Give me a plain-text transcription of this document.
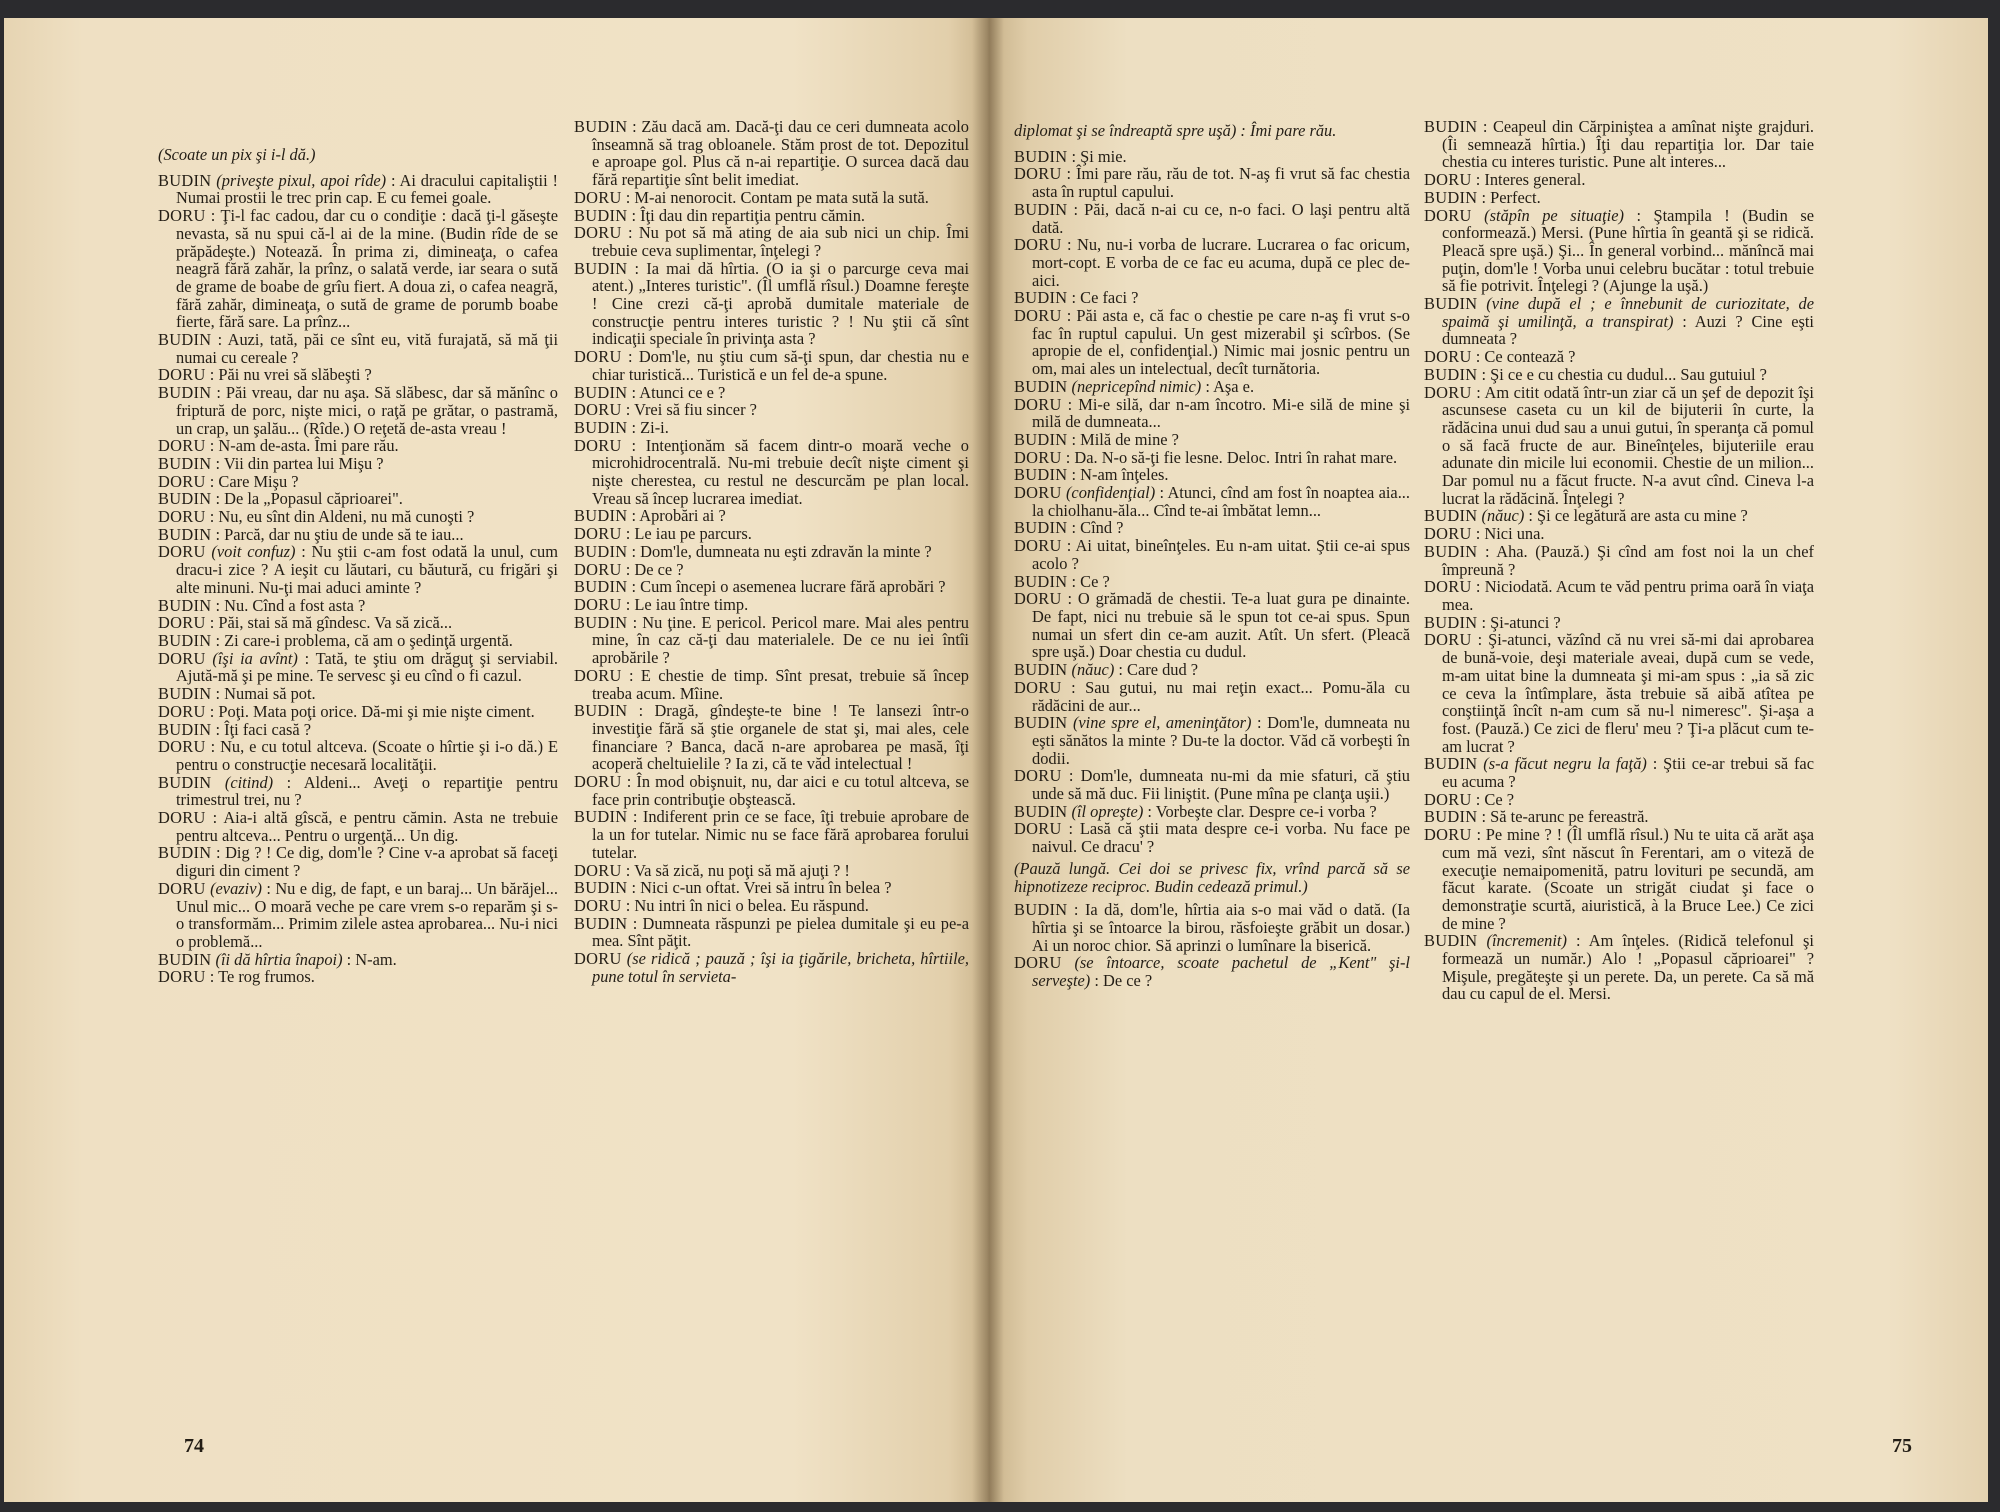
(Scoate un pix şi i-l dă.)

BUDIN (priveşte pixul, apoi rîde) : Ai dracului capitaliştii ! Numai prostii le trec prin cap. E cu femei goale.

DORU : Ţi-l fac cadou, dar cu o condiţie : dacă ţi-l găseşte nevasta, să nu spui că-l ai de la mine. (Budin rîde de se prăpădeşte.) Notează. În prima zi, dimineaţa, o cafea neagră fără zahăr, la prînz, o salată verde, iar seara o sută de grame de boabe de grîu fiert. A doua zi, o cafea neagră, fără zahăr, dimineaţa, o sută de grame de porumb boabe fierte, fără sare. La prînz...

BUDIN : Auzi, tată, păi ce sînt eu, vită furajată, să mă ţii numai cu cereale ?

DORU : Păi nu vrei să slăbeşti ?

BUDIN : Păi vreau, dar nu aşa. Să slăbesc, dar să mănînc o friptură de porc, nişte mici, o raţă pe grătar, o pastramă, un crap, un şalău... (Rîde.) O reţetă de-asta vreau !

DORU : N-am de-asta. Îmi pare rău.

BUDIN : Vii din partea lui Mişu ?

DORU : Care Mişu ?

BUDIN : De la „Popasul căprioarei".

DORU : Nu, eu sînt din Aldeni, nu mă cunoşti ?

BUDIN : Parcă, dar nu ştiu de unde să te iau...

DORU (voit confuz) : Nu ştii c-am fost odată la unul, cum dracu-i zice ? A ieşit cu lăutari, cu băutură, cu frigări şi alte minuni. Nu-ţi mai aduci aminte ?

BUDIN : Nu. Cînd a fost asta ?

DORU : Păi, stai să mă gîndesc. Va să zică...

BUDIN : Zi care-i problema, că am o şedinţă urgentă.

DORU (îşi ia avînt) : Tată, te ştiu om drăguţ şi serviabil. Ajută-mă şi pe mine. Te servesc şi eu cînd o fi cazul.

BUDIN : Numai să pot.

DORU : Poţi. Mata poţi orice. Dă-mi şi mie nişte ciment.

BUDIN : Îţi faci casă ?

DORU : Nu, e cu totul altceva. (Scoate o hîrtie şi i-o dă.) E pentru o construcţie necesară localităţii.

BUDIN (citind) : Aldeni... Aveţi o repartiţie pentru trimestrul trei, nu ?

DORU : Aia-i altă gîscă, e pentru cămin. Asta ne trebuie pentru altceva... Pentru o urgenţă... Un dig.

BUDIN : Dig ? ! Ce dig, dom'le ? Cine v-a aprobat să faceţi diguri din ciment ?

DORU (evaziv) : Nu e dig, de fapt, e un baraj... Un bărăjel... Unul mic... O moară veche pe care vrem s-o reparăm şi s-o transformăm... Primim zilele astea aprobarea... Nu-i nici o problemă...

BUDIN (îi dă hîrtia înapoi) : N-am.

DORU : Te rog frumos.

BUDIN : Zău dacă am. Dacă-ţi dau ce ceri dumneata acolo înseamnă să trag obloanele. Stăm prost de tot. Depozitul e aproape gol. Plus că n-ai repartiţie. O surcea dacă dau fără repartiţie sînt belit imediat.

DORU : M-ai nenorocit. Contam pe mata sută la sută.

BUDIN : Îţi dau din repartiţia pentru cămin.

DORU : Nu pot să mă ating de aia sub nici un chip. Îmi trebuie ceva suplimentar, înţelegi ?

BUDIN : Ia mai dă hîrtia. (O ia şi o parcurge ceva mai atent.) „Interes turistic". (Îl umflă rîsul.) Doamne fereşte ! Cine crezi că-ţi aprobă dumitale materiale de construcţie pentru interes turistic ? ! Nu ştii că sînt indicaţii speciale în privinţa asta ?

DORU : Dom'le, nu ştiu cum să-ţi spun, dar chestia nu e chiar turistică... Turistică e un fel de-a spune.

BUDIN : Atunci ce e ?

DORU : Vrei să fiu sincer ?

BUDIN : Zi-i.

DORU : Intenţionăm să facem dintr-o moară veche o microhidrocentrală. Nu-mi trebuie decît nişte ciment şi nişte cherestea, cu restul ne descurcăm pe plan local. Vreau să încep lucrarea imediat.

BUDIN : Aprobări ai ?

DORU : Le iau pe parcurs.

BUDIN : Dom'le, dumneata nu eşti zdravăn la minte ?

DORU : De ce ?

BUDIN : Cum începi o asemenea lucrare fără aprobări ?

DORU : Le iau între timp.

BUDIN : Nu ţine. E pericol. Pericol mare. Mai ales pentru mine, în caz că-ţi dau materialele. De ce nu iei întîi aprobările ?

DORU : E chestie de timp. Sînt presat, trebuie să încep treaba acum. Mîine.

BUDIN : Dragă, gîndeşte-te bine ! Te lansezi într-o investiţie fără să ştie organele de stat şi, mai ales, cele financiare ? Banca, dacă n-are aprobarea pe masă, îţi acoperă cheltuielile ? Ia zi, că te văd intelectual !

DORU : În mod obişnuit, nu, dar aici e cu totul altceva, se face prin contribuţie obştească.

BUDIN : Indiferent prin ce se face, îţi trebuie aprobare de la un for tutelar. Nimic nu se face fără aprobarea forului tutelar.

DORU : Va să zică, nu poţi să mă ajuţi ? !

BUDIN : Nici c-un oftat. Vrei să intru în belea ?

DORU : Nu intri în nici o belea. Eu răspund.

BUDIN : Dumneata răspunzi pe pielea dumitale şi eu pe-a mea. Sînt păţit.

DORU (se ridică ; pauză ; îşi ia ţigările, bricheta, hîrtiile, pune totul în servieta-

74

diplomat şi se îndreaptă spre uşă) : Îmi pare rău.

BUDIN : Şi mie.

DORU : Îmi pare rău, rău de tot. N-aş fi vrut să fac chestia asta în ruptul capului.

BUDIN : Păi, dacă n-ai cu ce, n-o faci. O laşi pentru altă dată.

DORU : Nu, nu-i vorba de lucrare. Lucrarea o fac oricum, mort-copt. E vorba de ce fac eu acuma, după ce plec de-aici.

BUDIN : Ce faci ?

DORU : Păi asta e, că fac o chestie pe care n-aş fi vrut s-o fac în ruptul capului. Un gest mizerabil şi scîrbos. (Se apropie de el, confidenţial.) Nimic mai josnic pentru un om, mai ales un intelectual, decît turnătoria.

BUDIN (nepricepînd nimic) : Aşa e.

DORU : Mi-e silă, dar n-am încotro. Mi-e silă de mine şi milă de dumneata...

BUDIN : Milă de mine ?

DORU : Da. N-o să-ţi fie lesne. Deloc. Intri în rahat mare.

BUDIN : N-am înţeles.

DORU (confidenţial) : Atunci, cînd am fost în noaptea aia... la chiolhanu-ăla... Cînd te-ai îmbătat lemn...

BUDIN : Cînd ?

DORU : Ai uitat, bineînţeles. Eu n-am uitat. Ştii ce-ai spus acolo ?

BUDIN : Ce ?

DORU : O grămadă de chestii. Te-a luat gura pe dinainte. De fapt, nici nu trebuie să le spun tot ce-ai spus. Spun numai un sfert din ce-am auzit. Atît. Un sfert. (Pleacă spre uşă.) Doar chestia cu dudul.

BUDIN (năuc) : Care dud ?

DORU : Sau gutui, nu mai reţin exact... Pomu-ăla cu rădăcini de aur...

BUDIN (vine spre el, ameninţător) : Dom'le, dumneata nu eşti sănătos la minte ? Du-te la doctor. Văd că vorbeşti în dodii.

DORU : Dom'le, dumneata nu-mi da mie sfaturi, că ştiu unde să mă duc. Fii liniştit. (Pune mîna pe clanţa uşii.)

BUDIN (îl opreşte) : Vorbeşte clar. Despre ce-i vorba ?

DORU : Lasă că ştii mata despre ce-i vorba. Nu face pe naivul. Ce dracu' ?

(Pauză lungă. Cei doi se privesc fix, vrînd parcă să se hipnotizeze reciproc. Budin cedează primul.)

BUDIN : Ia dă, dom'le, hîrtia aia s-o mai văd o dată. (Ia hîrtia şi se întoarce la birou, răsfoieşte grăbit un dosar.) Ai un noroc chior. Să aprinzi o lumînare la biserică.

DORU (se întoarce, scoate pachetul de „Kent" şi-l serveşte) : De ce ?

BUDIN : Ceapeul din Cărpiniştea a amînat nişte grajduri. (Îi semnează hîrtia.) Îţi dau repartiţia lor. Dar taie chestia cu interes turistic. Pune alt interes...

DORU : Interes general.

BUDIN : Perfect.

DORU (stăpîn pe situaţie) : Ştampila ! (Budin se conformează.) Mersi. (Pune hîrtia în geantă şi se ridică. Pleacă spre uşă.) Şi... În general vorbind... mănîncă mai puţin, dom'le ! Vorba unui celebru bucătar : totul trebuie să fie potrivit. Înţelegi ? (Ajunge la uşă.)

BUDIN (vine după el ; e înnebunit de curiozitate, de spaimă şi umilinţă, a transpirat) : Auzi ? Cine eşti dumneata ?

DORU : Ce contează ?

BUDIN : Şi ce e cu chestia cu dudul... Sau gutuiul ?

DORU : Am citit odată într-un ziar că un şef de depozit îşi ascunsese caseta cu un kil de bijuterii în curte, la rădăcina unui dud sau a unui gutui, în speranţa că pomul o să facă fructe de aur. Bineînţeles, bijuteriile erau adunate din micile lui economii. Chestie de un milion... Dar pomul nu a făcut fructe. N-a avut cînd. Cineva l-a lucrat la rădăcină. Înţelegi ?

BUDIN (năuc) : Şi ce legătură are asta cu mine ?

DORU : Nici una.

BUDIN : Aha. (Pauză.) Şi cînd am fost noi la un chef împreună ?

DORU : Niciodată. Acum te văd pentru prima oară în viaţa mea.

BUDIN : Şi-atunci ?

DORU : Şi-atunci, văzînd că nu vrei să-mi dai aprobarea de bună-voie, deşi materiale aveai, după cum se vede, m-am uitat bine la dumneata şi mi-am spus : „ia să zic ce ceva la întîmplare, ăsta trebuie să aibă atîtea pe conştiinţă încît n-am cum să nu-l nimeresc". Şi-aşa a fost. (Pauză.) Ce zici de fleru' meu ? Ţi-a plăcut cum te-am lucrat ?

BUDIN (s-a făcut negru la faţă) : Ştii ce-ar trebui să fac eu acuma ?

DORU : Ce ?

BUDIN : Să te-arunc pe fereastră.

DORU : Pe mine ? ! (Îl umflă rîsul.) Nu te uita că arăt aşa cum mă vezi, sînt născut în Ferentari, am o viteză de execuţie nemaipomenită, patru lovituri pe secundă, am făcut karate. (Scoate un strigăt ciudat şi face o demonstraţie scurtă, aiuristică, à la Bruce Lee.) Ce zici de mine ?

BUDIN (încremenit) : Am înţeles. (Ridică telefonul şi formează un număr.) Alo ! „Popasul căprioarei" ? Mişule, pregăteşte şi un perete. Da, un perete. Ca să mă dau cu capul de el. Mersi.

75
